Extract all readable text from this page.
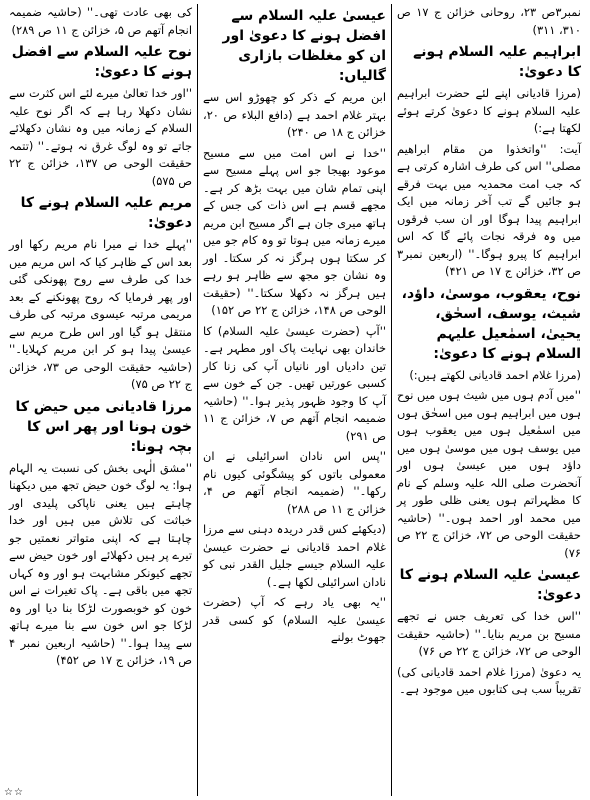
نمبر۳ص ۲۳، روحانی خزائن ج ۱۷ ص ۳۱۰، ۳۱۱)
ابراہیم علیہ السلام ہونے کا دعویٰ:
(مرزا قادیانی اپنے لئے حضرت ابراہیم علیہ السلام ہونے کا دعویٰ کرتے ہوئے لکھتا ہے:)
آیت: ''واتخذوا من مقام ابراھیم مصلی'' اس کی طرف اشارہ کرتی ہے کہ جب امت محمدیہ میں بہت فرقے ہو جائیں گے تب آخر زمانہ میں ایک ابراہیم پیدا ہوگا اور ان سب فرقوں میں وہ فرقہ نجات پائے گا کہ اس ابراہیم کا پیرو ہوگا۔'' (اربعین نمبر۳ ص ۳۲، خزائن ج ۱۷ ص ۴۲۱)
نوح، یعقوب، موسیٰ، داؤد، شیث، یوسف، اسحٰق، یحییٰ، اسمٰعیل علیہم السلام ہونے کا دعویٰ:
(مرزا غلام احمد قادیانی لکھتے ہیں:)
''میں آدم ہوں میں شیث ہوں میں نوح ہوں میں ابراہیم ہوں میں اسحٰق ہوں میں اسمٰعیل ہوں میں یعقوب ہوں میں یوسف ہوں میں موسیٰ ہوں میں داؤد ہوں میں عیسیٰ ہوں اور آنحضرت صلی اللہ علیہ وسلم کے نام کا مظہراتم ہوں یعنی ظلی طور پر میں محمد اور احمد ہوں۔'' (حاشیہ حقیقت الوحی ص ۷۲، خزائن ج ۲۲ ص ۷۶)
عیسیٰ علیہ السلام ہونے کا دعویٰ:
''اس خدا کی تعریف جس نے تجھے مسیح بن مریم بنایا۔'' (حاشیہ حقیقت الوحی ص ۷۲، خزائن ج ۲۲ ص ۷۶)
یہ دعویٰ (مرزا غلام احمد قادیانی کی) تقریباً سب ہی کتابوں میں موجود ہے۔
عیسیٰ علیہ السلام سے افضل ہونے کا دعویٰ اور ان کو مغلظات بازاری گالیاں:
ابن مریم کے ذکر کو چھوڑو اس سے بہتر غلام احمد ہے (دافع البلاء ص ۲۰، خزائن ج ۱۸ ص ۲۴۰)
''خدا نے اس امت میں سے مسیح موعود بھیجا جو اس پہلے مسیح سے اپنی تمام شان میں بہت بڑھ کر ہے۔ مجھے قسم ہے اس ذات کی جس کے ہاتھ میری جان ہے اگر مسیح ابن مریم میرے زمانہ میں ہوتا تو وہ کام جو میں کر سکتا ہوں ہرگز نہ کر سکتا۔ اور وہ نشان جو مجھ سے ظاہر ہو رہے ہیں ہرگز نہ دکھلا سکتا۔'' (حقیقت الوحی ص ۱۴۸، خزائن ج ۲۲ ص ۱۵۲)
''آپ (حضرت عیسیٰ علیہ السلام) کا خاندان بھی نہایت پاک اور مطہر ہے۔ تین دادیاں اور نانیاں آپ کی زنا کار کسبی عورتیں تھیں۔ جن کے خون سے آپ کا وجود ظہور پذیر ہوا۔'' (حاشیہ ضمیمہ انجام آتھم ص ۷، خزائن ج ۱۱ ص ۲۹۱)
''پس اس نادان اسرائیلی نے ان معمولی باتوں کو پیشگوئی کیوں نام رکھا۔'' (ضمیمہ انجام آتھم ص ۴، خزائن ج ۱۱ ص ۲۸۸)
(دیکھئے کس قدر دریدہ دہنی سے مرزا غلام احمد قادیانی نے حضرت عیسیٰ علیہ السلام جیسے جلیل القدر نبی کو نادان اسرائیلی لکھا ہے۔)
''یہ بھی یاد رہے کہ آپ (حضرت عیسیٰ علیہ السلام) کو کسی قدر جھوٹ بولنے
کی بھی عادت تھی۔'' (حاشیہ ضمیمہ انجام آتھم ص ۵، خزائن ج ۱۱ ص ۲۸۹)
نوح علیہ السلام سے افضل ہونے کا دعویٰ:
''اور خدا تعالیٰ میرے لئے اس کثرت سے نشان دکھلا رہا ہے کہ اگر نوح علیہ السلام کے زمانہ میں وہ نشان دکھلائے جاتے تو وہ لوگ غرق نہ ہوتے۔'' (تتمہ حقیقت الوحی ص ۱۳۷، خزائن ج ۲۲ ص ۵۷۵)
مریم علیہ السلام ہونے کا دعویٰ:
''پہلے خدا نے میرا نام مریم رکھا اور بعد اس کے ظاہر کیا کہ اس مریم میں خدا کی طرف سے روح پھونکی گئی اور پھر فرمایا کہ روح پھونکنے کے بعد مریمی مرتبہ عیسوی مرتبہ کی طرف منتقل ہو گیا اور اس طرح مریم سے عیسیٰ پیدا ہو کر ابن مریم کہلایا۔'' (حاشیہ حقیقت الوحی ص ۷۳، خزائن ج ۲۲ ص ۷۵)
مرزا قادیانی میں حیض کا خون ہونا اور پھر اس کا بچہ ہونا:
''مشق الٰہی بخش کی نسبت یہ الہام ہوا: یہ لوگ خون حیض تجھ میں دیکھنا چاہتے ہیں یعنی ناپاکی پلیدی اور خباثت کی تلاش میں ہیں اور خدا چاہتا ہے کہ اپنی متواتر نعمتیں جو تیرے پر ہیں دکھلائے اور خون حیض سے تجھے کیونکر مشابہت ہو اور وہ کہاں تجھ میں باقی ہے۔ پاک تغیرات نے اس خون کو خوبصورت لڑکا بنا دیا اور وہ لڑکا جو اس خون سے بنا میرے ہاتھ سے پیدا ہوا۔'' (حاشیہ اربعین نمبر ۴ ص ۱۹، خزائن ج ۱۷ ص ۴۵۲)
☆☆
